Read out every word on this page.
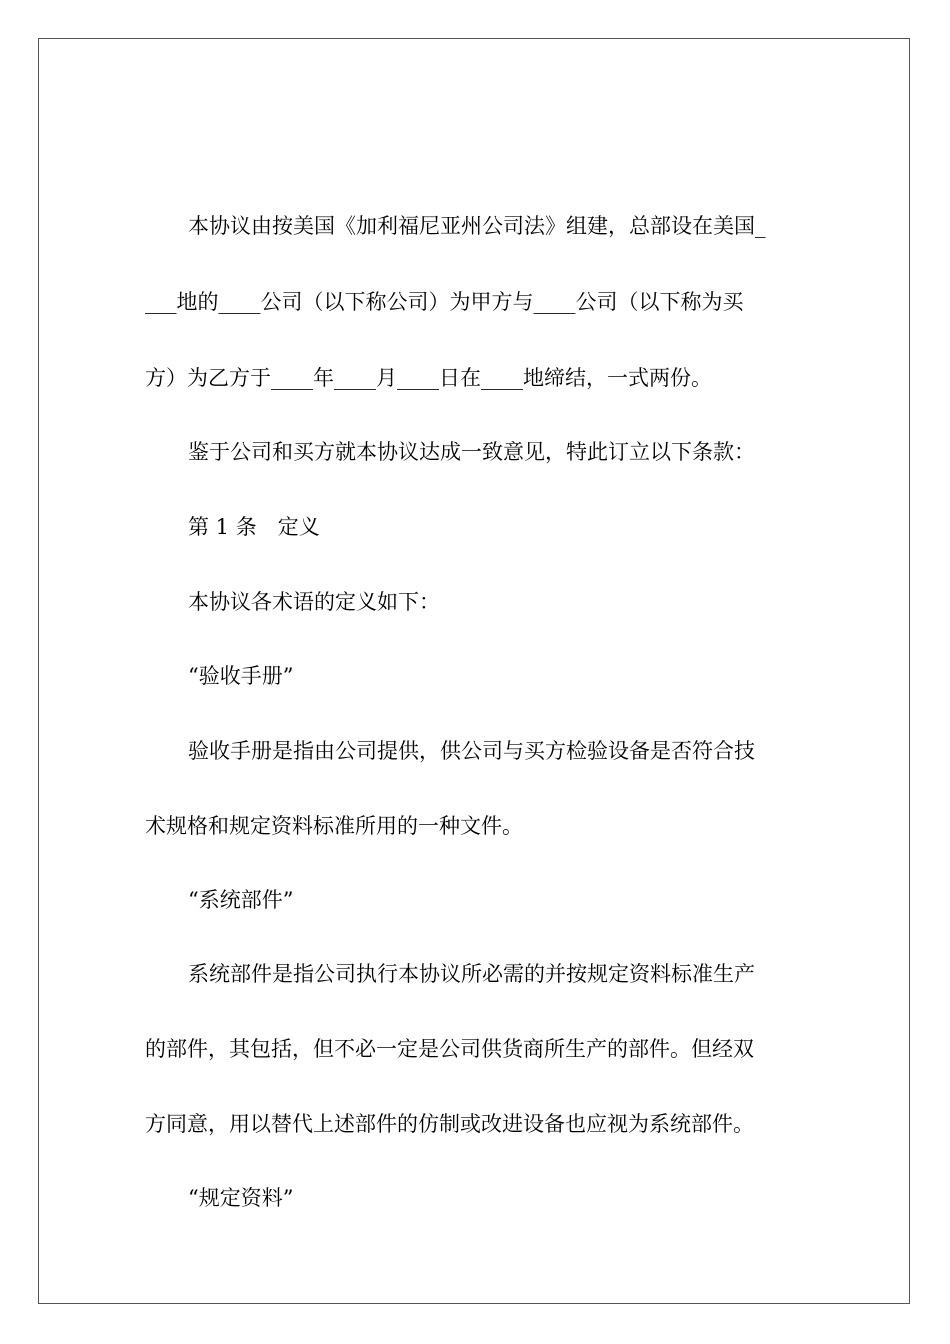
本协议由按美国《加利福尼亚州公司法》组建，总部设在美国_
___地的____公司（以下称公司）为甲方与____公司（以下称为买
方）为乙方于____年____月____日在____地缔结，一式两份。
鉴于公司和买方就本协议达成一致意见，特此订立以下条款：
第 1 条　定义
本协议各术语的定义如下：
“验收手册”
验收手册是指由公司提供，供公司与买方检验设备是否符合技
术规格和规定资料标准所用的一种文件。
“系统部件”
系统部件是指公司执行本协议所必需的并按规定资料标准生产
的部件，其包括，但不必一定是公司供货商所生产的部件。但经双
方同意，用以替代上述部件的仿制或改进设备也应视为系统部件。
“规定资料”
